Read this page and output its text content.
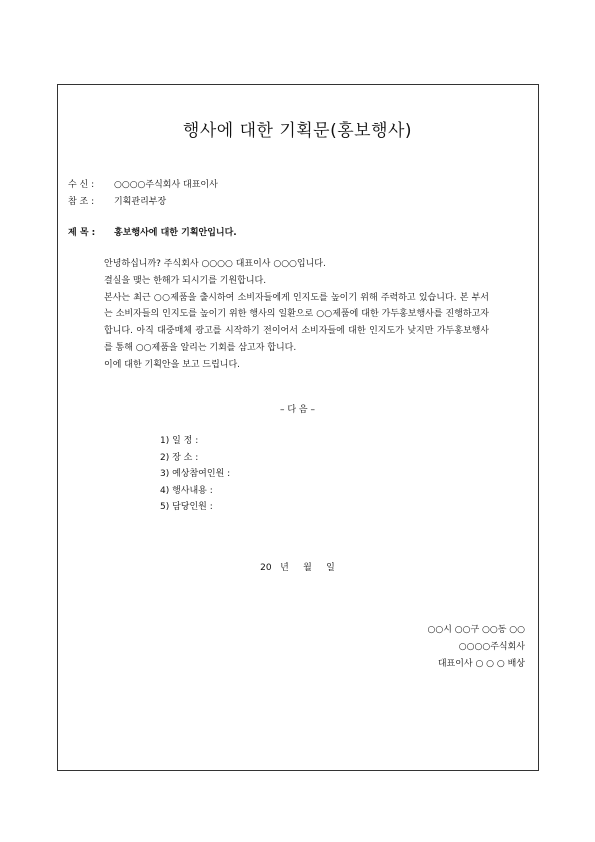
행사에 대한 기획문(홍보행사)
수 신 : ○○○○주식회사 대표이사
참 조 : 기획관리부장
제 목 : 홍보행사에 대한 기획안입니다.

안녕하십니까? 주식회사 ○○○○ 대표이사 ○○○입니다.

결실을 맺는 한해가 되시기를 기원합니다.

본사는 최근 ○○제품을 출시하여 소비자들에게 인지도를 높이기 위해 주력하고 있습니다. 본 부서는 소비자들의 인지도를 높이기 위한 행사의 일환으로 ○○제품에 대한 가두홍보행사를 진행하고자 합니다. 아직 대중매체 광고를 시작하기 전이어서 소비자들에 대한 인지도가 낮지만 가두홍보행사를 통해 ○○제품을 알리는 기회를 삼고자 합니다.

이에 대한 기획안을 보고 드립니다.

– 다 음 –
1) 일 정 :
2) 장 소 :
3) 예상참여인원 :
4) 행사내용 :
5) 담당인원 :
20   년     월     일
○○시 ○○구 ○○동 ○○
○○○○주식회사
대표이사 ○ ○ ○ 배상
